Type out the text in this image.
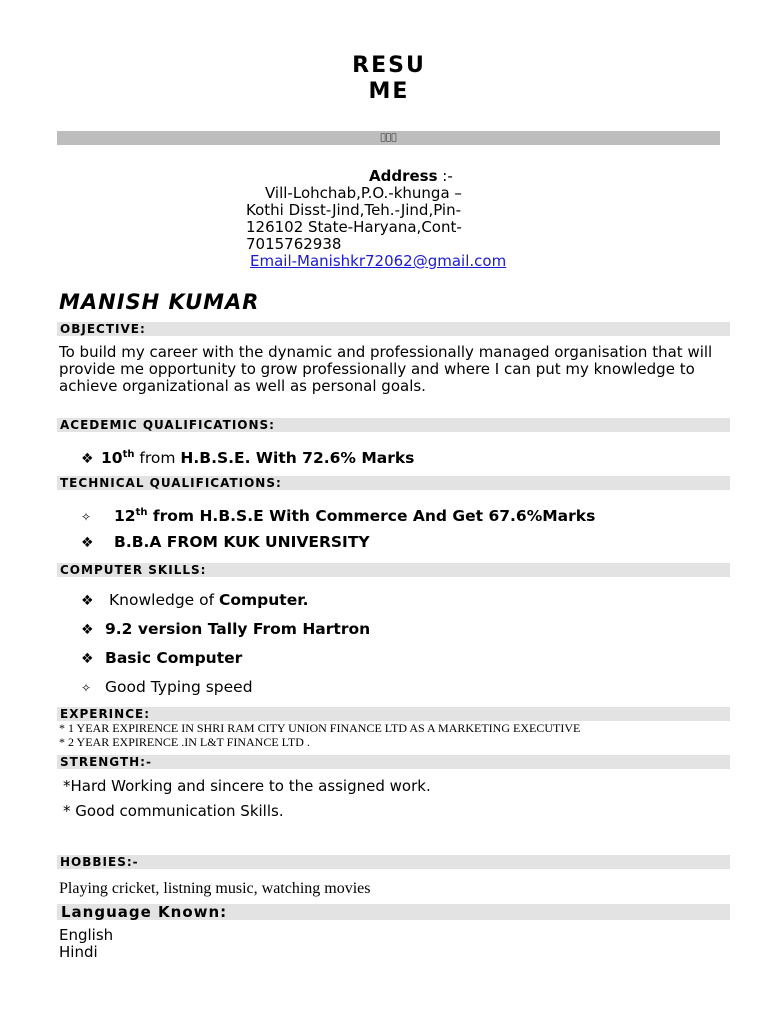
RESU
ME
􀀀􀀀􀀀
Address :-
Vill-Lohchab,P.O.-khunga –
Kothi Disst-Jind,Teh.-Jind,Pin-
126102 State-Haryana,Cont-
7015762938
Email-Manishkr72062@gmail.com
MANISH KUMAR
OBJECTIVE:
To build my career with the dynamic and professionally managed organisation that will provide me opportunity to grow professionally and where I can put my knowledge to achieve organizational as well as personal goals.
ACEDEMIC QUALIFICATIONS:
❖ 10th from H.B.S.E. With 72.6% Marks
TECHNICAL QUALIFICATIONS:
✧ 12th from H.B.S.E With Commerce And Get 67.6%Marks
❖ B.B.A FROM KUK UNIVERSITY
COMPUTER SKILLS:
❖ Knowledge of Computer.
❖ 9.2 version Tally From Hartron
❖ Basic Computer
✧ Good Typing speed
EXPERINCE:
* 1 YEAR EXPIRENCE IN SHRI RAM CITY UNION FINANCE LTD AS A MARKETING EXECUTIVE
* 2 YEAR EXPIRENCE .IN L&T FINANCE LTD .
STRENGTH:-
*Hard Working and sincere to the assigned work.
* Good communication Skills.
HOBBIES:-
Playing cricket, listning music, watching movies
Language Known:
English
Hindi
